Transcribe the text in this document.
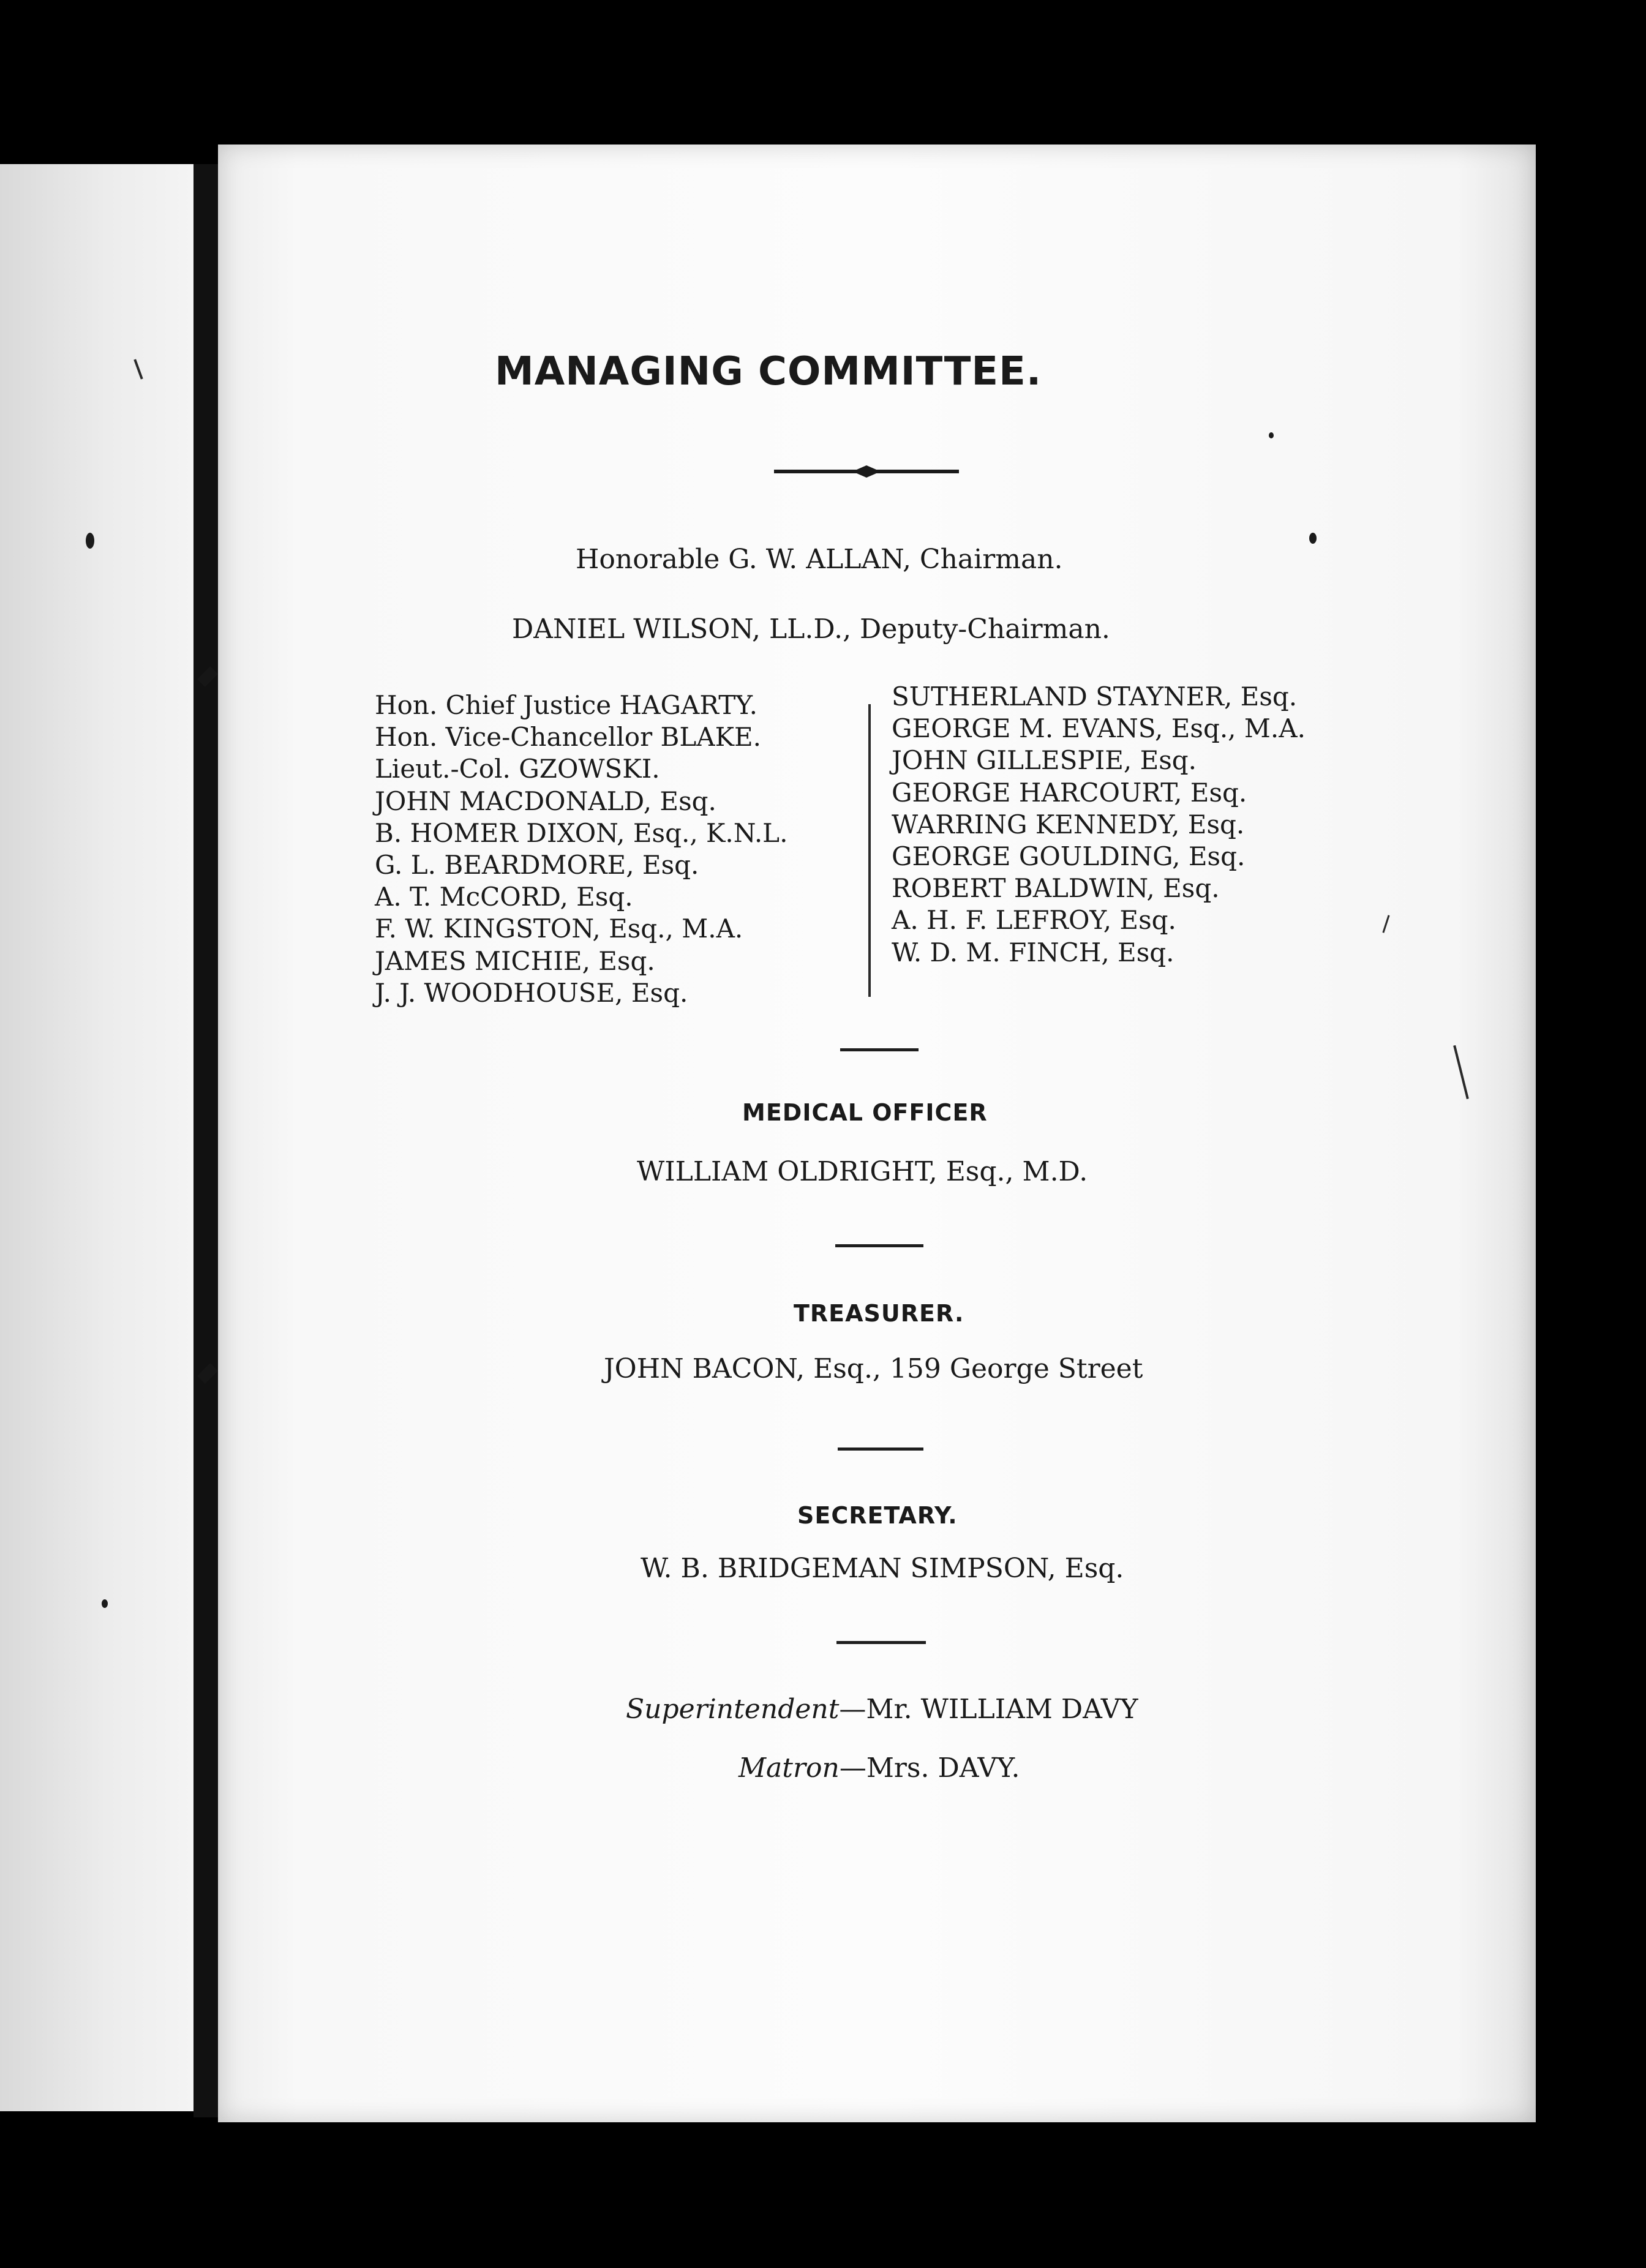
MANAGING COMMITTEE.
Honorable G. W. ALLAN, Chairman.
DANIEL WILSON, LL.D., Deputy-Chairman.
Hon. Chief Justice HAGARTY.
Hon. Vice-Chancellor BLAKE.
Lieut.-Col. GZOWSKI.
JOHN MACDONALD, Esq.
B. HOMER DIXON, Esq., K.N.L.
G. L. BEARDMORE, Esq.
A. T. McCORD, Esq.
F. W. KINGSTON, Esq., M.A.
JAMES MICHIE, Esq.
J. J. WOODHOUSE, Esq.
SUTHERLAND STAYNER, Esq.
GEORGE M. EVANS, Esq., M.A.
JOHN GILLESPIE, Esq.
GEORGE HARCOURT, Esq.
WARRING KENNEDY, Esq.
GEORGE GOULDING, Esq.
ROBERT BALDWIN, Esq.
A. H. F. LEFROY, Esq.
W. D. M. FINCH, Esq.
MEDICAL OFFICER
WILLIAM OLDRIGHT, Esq., M.D.
TREASURER.
JOHN BACON, Esq., 159 George Street
SECRETARY.
W. B. BRIDGEMAN SIMPSON, Esq.
Superintendent—Mr. WILLIAM DAVY
Matron—Mrs. DAVY.
